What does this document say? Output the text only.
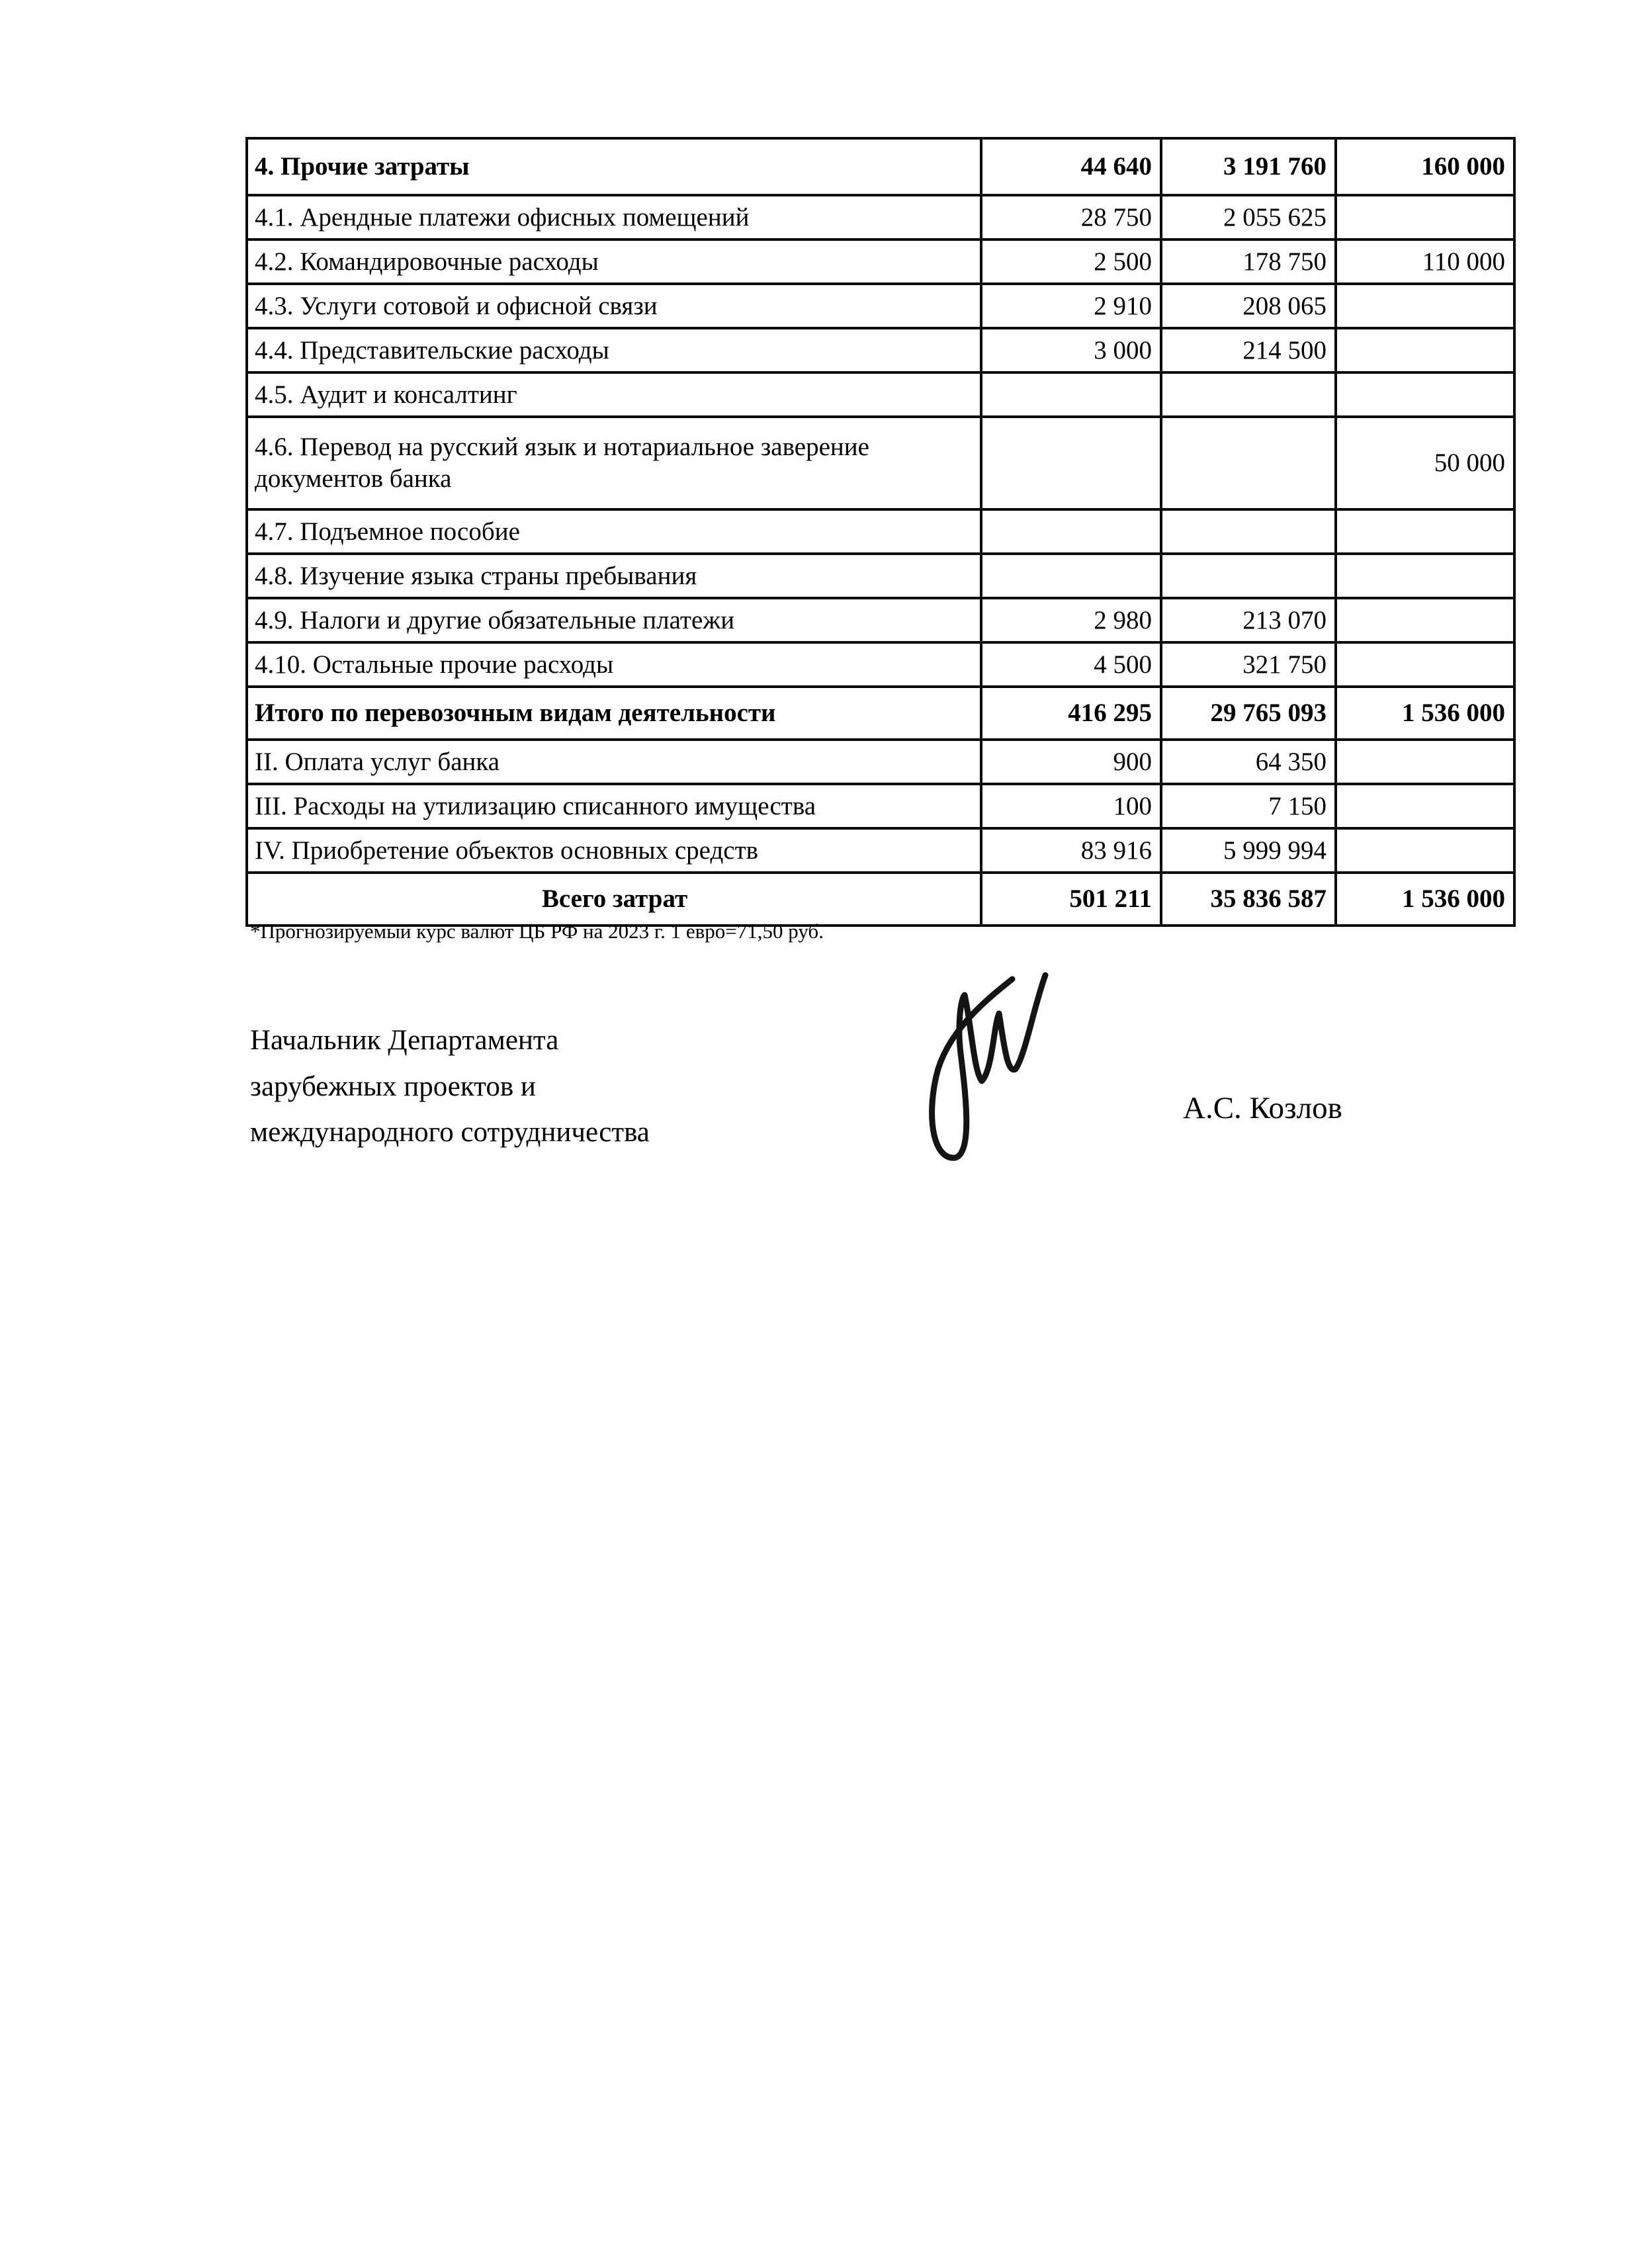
4. Прочие затраты	44 640	3 191 760	160 000
4.1. Арендные платежи офисных помещений	28 750	2 055 625	
4.2. Командировочные расходы	2 500	178 750	110 000
4.3. Услуги сотовой и офисной связи	2 910	208 065	
4.4. Представительские расходы	3 000	214 500	
4.5. Аудит и консалтинг			
4.6. Перевод на русский язык и нотариальное заверение документов банка			50 000
4.7. Подъемное пособие			
4.8. Изучение языка страны пребывания			
4.9. Налоги и другие обязательные платежи	2 980	213 070	
4.10. Остальные прочие расходы	4 500	321 750	
Итого по перевозочным видам деятельности	416 295	29 765 093	1 536 000
II. Оплата услуг банка	900	64 350	
III. Расходы на утилизацию списанного имущества	100	7 150	
IV. Приобретение объектов основных средств	83 916	5 999 994	
Всего затрат	501 211	35 836 587	1 536 000
*Прогнозируемый курс валют ЦБ РФ на 2023 г. 1 евро=71,50 руб.
Начальник Департамента
зарубежных проектов и
международного сотрудничества
А.С. Козлов
